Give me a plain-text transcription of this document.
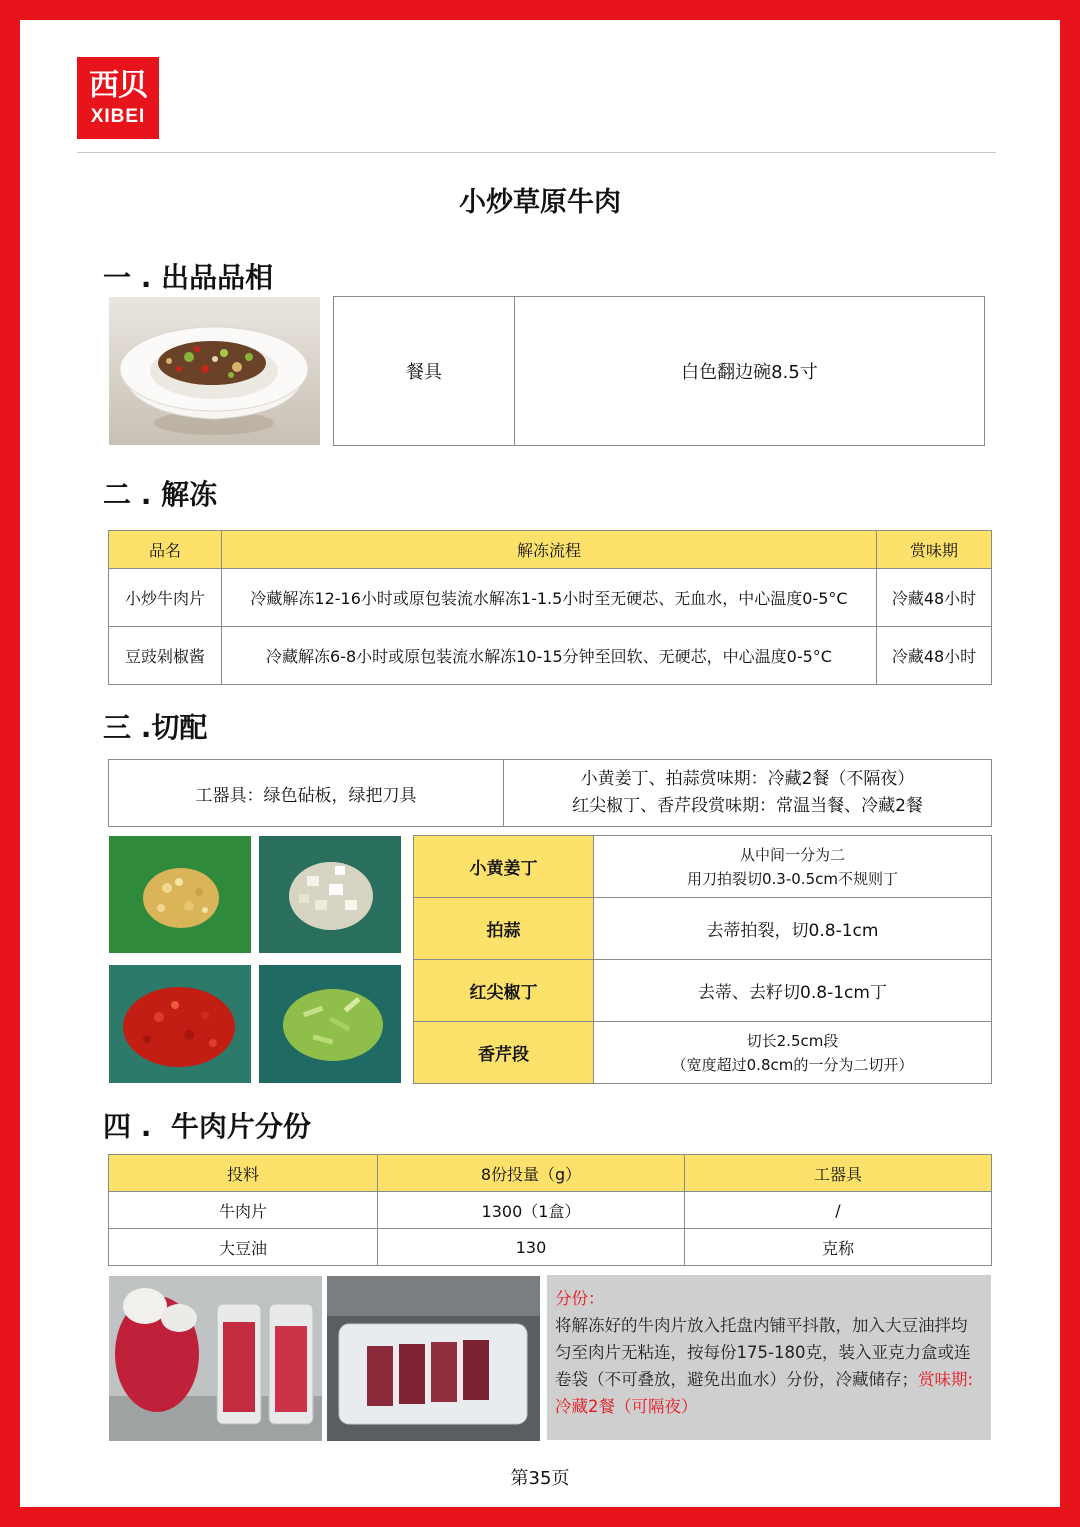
西贝
XIBEI
小炒草原牛肉
一 . 出品品相
餐具	白色翻边碗8.5寸
二 . 解冻
品名	解冻流程	赏味期
小炒牛肉片	冷藏解冻12-16小时或原包装流水解冻1-1.5小时至无硬芯、无血水，中心温度0-5°C	冷藏48小时
豆豉剁椒酱	冷藏解冻6-8小时或原包装流水解冻10-15分钟至回软、无硬芯，中心温度0-5°C	冷藏48小时
三 .切配
工器具：绿色砧板，绿把刀具	
小黄姜丁、拍蒜赏味期：冷藏2餐（不隔夜）
红尖椒丁、香芹段赏味期：常温当餐、冷藏2餐
小黄姜丁	从中间一分为二
用刀拍裂切0.3-0.5cm不规则丁

拍蒜	去蒂拍裂，切0.8-1cm
红尖椒丁	去蒂、去籽切0.8-1cm丁
香芹段	切长2.5cm段
（宽度超过0.8cm的一分为二切开）
四 .  牛肉片分份
投料	8份投量（g）	工器具
牛肉片	1300（1盒）	/
大豆油	130	克称
分份：
将解冻好的牛肉片放入托盘内铺平抖散，加入大豆油拌均匀至肉片无粘连，按每份175-180克，装入亚克力盒或连卷袋（不可叠放，避免出血水）分份，冷藏储存；赏味期:冷藏2餐（可隔夜）
第35页
